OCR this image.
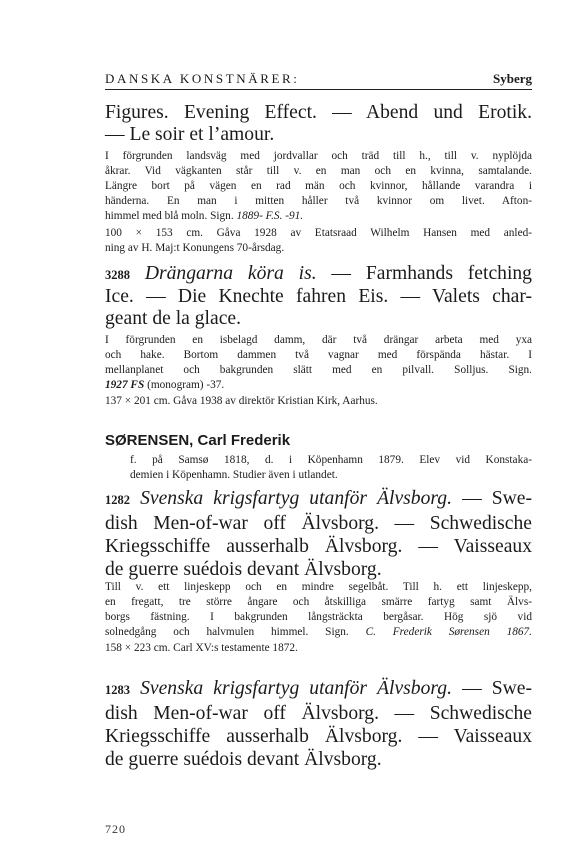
DANSKA KONSTNÄRER:	Syberg
Figures. Evening Effect. — Abend und Erotik.
— Le soir et l’amour.
I förgrunden landsväg med jordvallar och träd till h., till v. nyplöjda
åkrar. Vid vägkanten står till v. en man och en kvinna, samtalande.
Längre bort på vägen en rad män och kvinnor, hållande varandra i
händerna. En man i mitten håller två kvinnor om livet. Afton-
himmel med blå moln. Sign. 1889- F.S. -91.
100 × 153 cm. Gåva 1928 av Etatsraad Wilhelm Hansen med anled-
ning av H. Maj:t Konungens 70-årsdag.
3288 Drängarna köra is. — Farmhands fetching
Ice. — Die Knechte fahren Eis. — Valets char-
geant de la glace.
I förgrunden en isbelagd damm, där två drängar arbeta med yxa
och hake. Bortom dammen två vagnar med förspända hästar. I
mellanplanet och bakgrunden slätt med en pilvall. Solljus. Sign.
1927 FS (monogram) -37.
137 × 201 cm. Gåva 1938 av direktör Kristian Kirk, Aarhus.
SØRENSEN, Carl Frederik
f. på Samsø 1818, d. i Köpenhamn 1879. Elev vid Konstaka-
demien i Köpenhamn. Studier även i utlandet.
1282 Svenska krigsfartyg utanför Älvsborg. — Swe-
dish Men-of-war off Älvsborg. — Schwedische
Kriegsschiffe ausserhalb Älvsborg. — Vaisseaux
de guerre suédois devant Älvsborg.
Till v. ett linjeskepp och en mindre segelbåt. Till h. ett linjeskepp,
en fregatt, tre större ångare och åtskilliga smärre fartyg samt Älvs-
borgs fästning. I bakgrunden långsträckta bergåsar. Hög sjö vid
solnedgång och halvmulen himmel. Sign. C. Frederik Sørensen 1867.
158 × 223 cm. Carl XV:s testamente 1872.
1283 Svenska krigsfartyg utanför Älvsborg. — Swe-
dish Men-of-war off Älvsborg. — Schwedische
Kriegsschiffe ausserhalb Älvsborg. — Vaisseaux
de guerre suédois devant Älvsborg.
720
